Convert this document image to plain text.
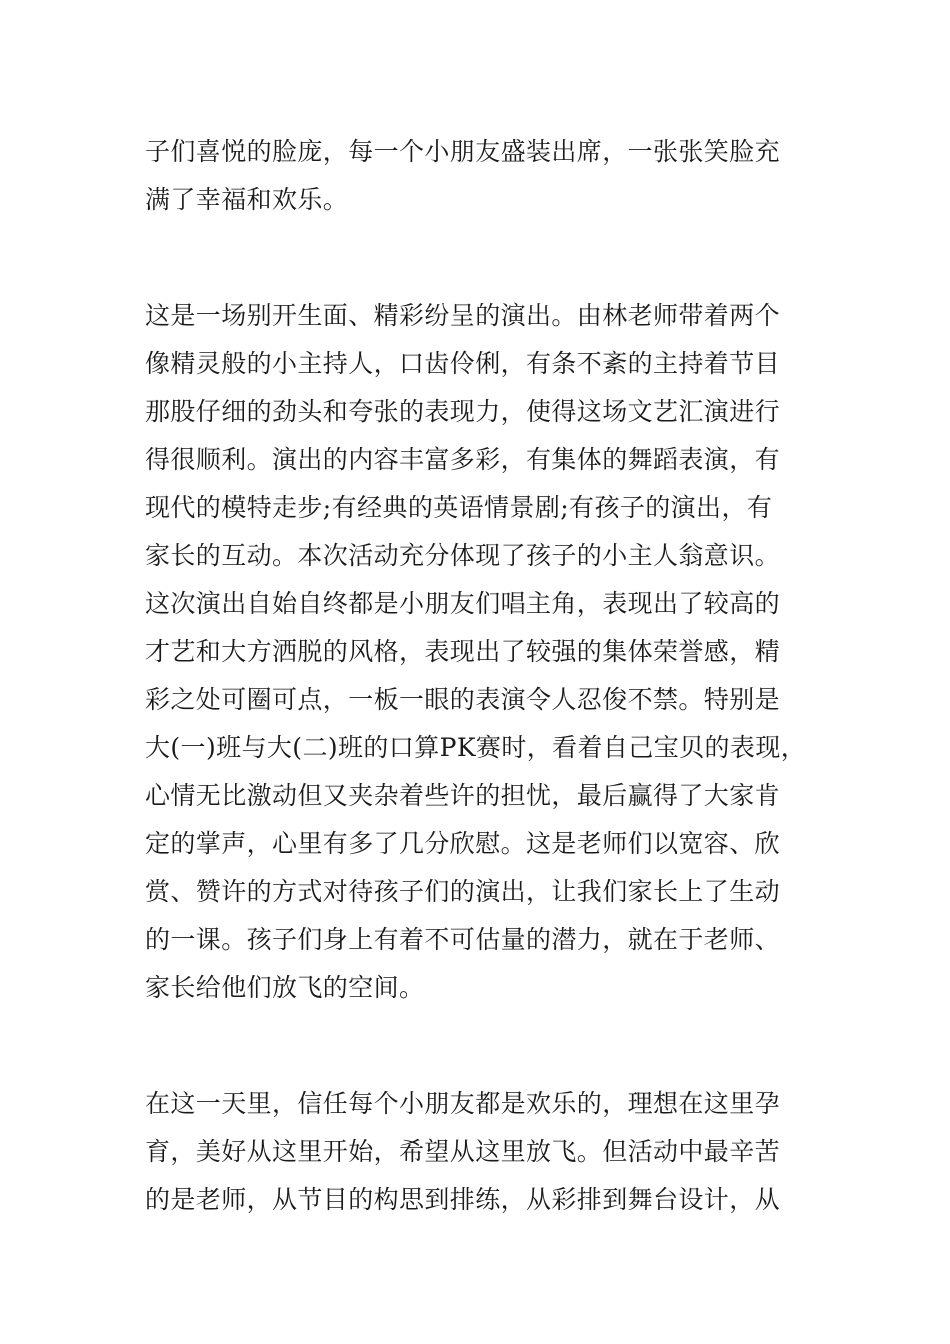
子们喜悦的脸庞，每一个小朋友盛装出席，一张张笑脸充
满了幸福和欢乐。
这是一场别开生面、精彩纷呈的演出。由林老师带着两个
像精灵般的小主持人，口齿伶俐，有条不紊的主持着节目
那股仔细的劲头和夸张的表现力，使得这场文艺汇演进行
得很顺利。演出的内容丰富多彩，有集体的舞蹈表演，有
现代的模特走步;有经典的英语情景剧;有孩子的演出，有
家长的互动。本次活动充分体现了孩子的小主人翁意识。
这次演出自始自终都是小朋友们唱主角，表现出了较高的
才艺和大方洒脱的风格，表现出了较强的集体荣誉感，精
彩之处可圈可点，一板一眼的表演令人忍俊不禁。特别是
大(一)班与大(二)班的口算PK赛时，看着自己宝贝的表现，
心情无比激动但又夹杂着些许的担忧，最后赢得了大家肯
定的掌声，心里有多了几分欣慰。这是老师们以宽容、欣
赏、赞许的方式对待孩子们的演出，让我们家长上了生动
的一课。孩子们身上有着不可估量的潜力，就在于老师、
家长给他们放飞的空间。
在这一天里，信任每个小朋友都是欢乐的，理想在这里孕
育，美好从这里开始，希望从这里放飞。但活动中最辛苦
的是老师，从节目的构思到排练，从彩排到舞台设计，从
